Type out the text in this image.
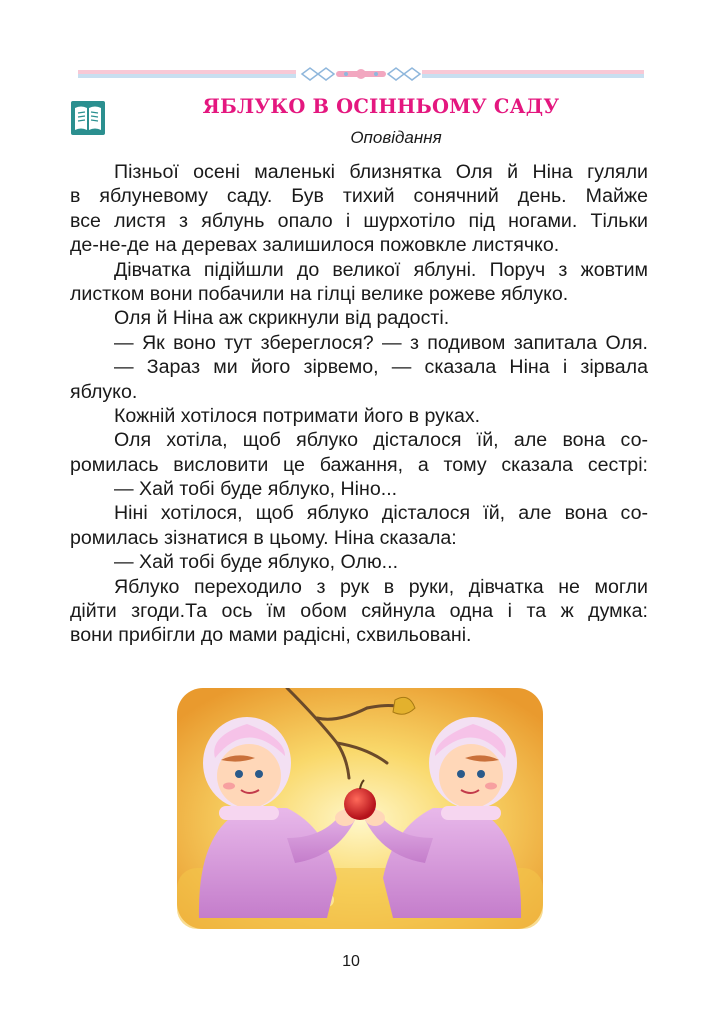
ЯБЛУКО В ОСІННЬОМУ САДУ
Оповідання
Пізньої осені маленькі близнятка Оля й Ніна гуляли
в яблуневому саду. Був тихий сонячний день. Майже
все листя з яблунь опало і шурхотіло під ногами. Тільки
де-не-де на деревах залишилося пожовкле листячко.
Дівчатка підійшли до великої яблуні. Поруч з жовтим
листком вони побачили на гілці велике рожеве яблуко.
Оля й Ніна аж скрикнули від радості.
— Як воно тут збереглося? — з подивом запитала Оля.
— Зараз ми його зірвемо, — сказала Ніна і зірвала
яблуко.
Кожній хотілося потримати його в руках.
Оля хотіла, щоб яблуко дісталося їй, але вона со-
ромилась висловити це бажання, а тому сказала сестрі:
— Хай тобі буде яблуко, Ніно...
Ніні хотілося, щоб яблуко дісталося їй, але вона со-
ромилась зізнатися в цьому. Ніна сказала:
— Хай тобі буде яблуко, Олю...
Яблуко переходило з рук в руки, дівчатка не могли
дійти згоди.Та ось їм обом сяйнула одна і та ж думка:
вони прибігли до мами радісні, схвильовані.
10
